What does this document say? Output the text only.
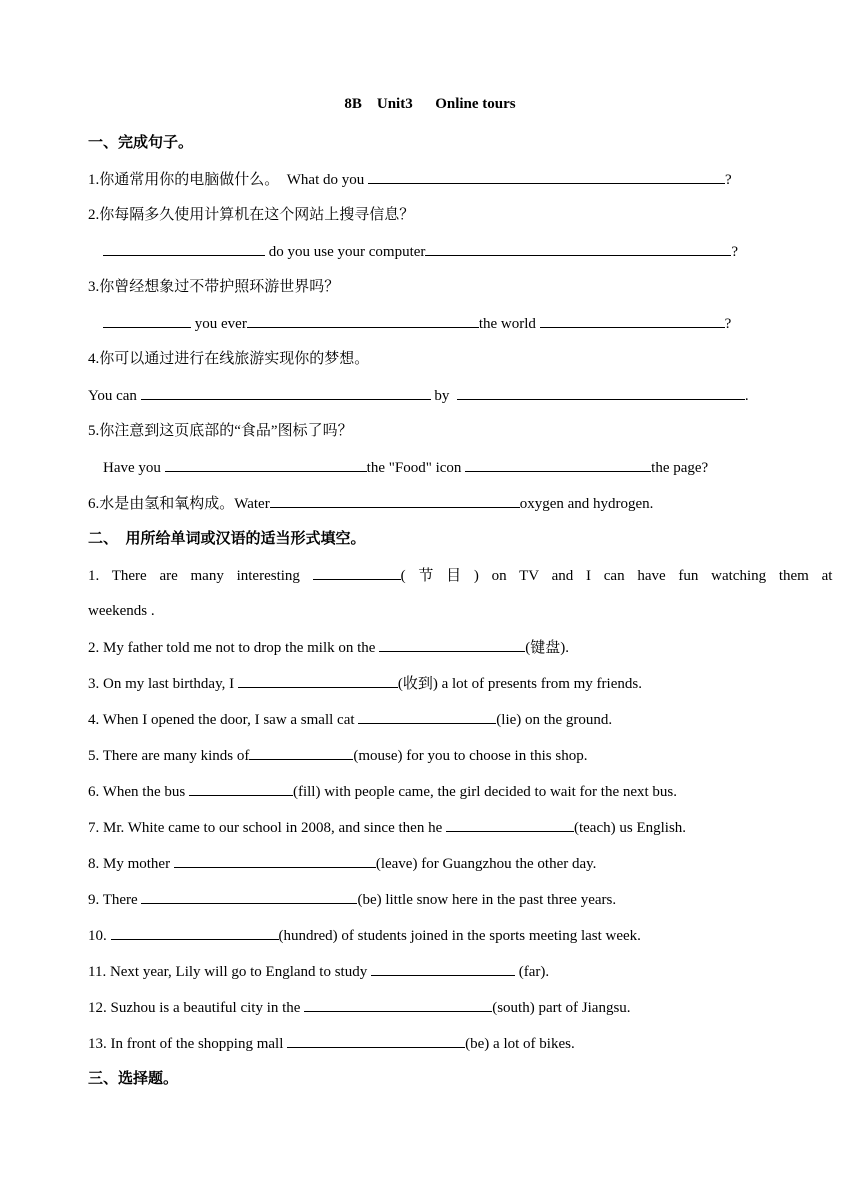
8B    Unit3      Online tours
一、完成句子。
1.你通常用你的电脑做什么。  What do you	?
2.你每隔多久使用计算机在这个网站上搜寻信息？
do you use your computer	?
3.你曾经想象过不带护照环游世界吗？
you ever	the world	?
4.你可以通过进行在线旅游实现你的梦想。
You can	by	.
5.你注意到这页底部的“食品”图标了吗？
Have you	the "Food" icon	the page?
6.水是由氢和氧构成。Water	oxygen and hydrogen.
二、  用所给单词或汉语的适当形式填空。
1. There are many interesting	( 节 目 ) on TV and I can have fun watching them at
weekends .
2. My father told me not to drop the milk on the	(键盘).
3. On my last birthday, I	(收到) a lot of presents from my friends.
4. When I opened the door, I saw a small cat	(lie) on the ground.
5. There are many kinds of	(mouse) for you to choose in this shop.
6. When the bus	(fill) with people came, the girl decided to wait for the next bus.
7. Mr. White came to our school in 2008, and since then he	(teach) us English.
8. My mother	(leave) for Guangzhou the other day.
9. There	(be) little snow here in the past three years.
10.	(hundred) of students joined in the sports meeting last week.
11. Next year, Lily will go to England to study	(far).
12. Suzhou is a beautiful city in the	(south) part of Jiangsu.
13. In front of the shopping mall	(be) a lot of bikes.
三、选择题。
